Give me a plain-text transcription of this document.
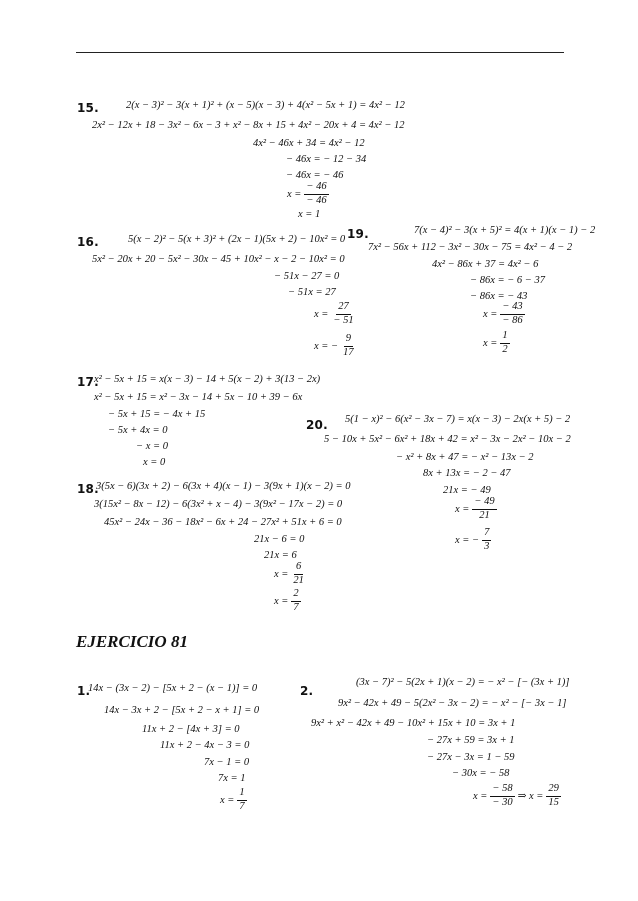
15.	2(x − 3)² − 3(x + 1)² + (x − 5)(x − 3) + 4(x² − 5x + 1) = 4x² − 12
2x² − 12x + 18 − 3x² − 6x − 3 + x² − 8x + 15 + 4x² − 20x + 4 = 4x² − 12
4x² − 46x + 34 = 4x² − 12
− 46x = − 12 − 34
− 46x = − 46
$x = \frac{- 46}{- 46}$
x = 1
16.	5(x − 2)² − 5(x + 3)² + (2x − 1)(5x + 2) − 10x² = 0
5x² − 20x + 20 − 5x² − 30x − 45 + 10x² − x − 2 − 10x² = 0
− 51x − 27 = 0
− 51x = 27
$x = \frac{27}{- 51}$
x = − $\frac{9}{17}$
19.	7(x − 4)² − 3(x + 5)² = 4(x + 1)(x − 1) − 2
7x² − 56x + 112 − 3x² − 30x − 75 = 4x² − 4 − 2
4x² − 86x + 37 = 4x² − 6
− 86x = − 6 − 37
− 86x = − 43
$x = \frac{- 43}{- 86}$
$x = \frac{1}{2}$
17.
x² − 5x + 15 = x(x − 3) − 14 + 5(x − 2) + 3(13 − 2x)
x² − 5x + 15 = x² − 3x − 14 + 5x − 10 + 39 − 6x
− 5x + 15 = − 4x + 15
− 5x + 4x = 0
− x = 0
x = 0
20. 5(1 − x)² − 6(x² − 3x − 7) = x(x − 3) − 2x(x + 5) − 2
5 − 10x + 5x² − 6x² + 18x + 42 = x² − 3x − 2x² − 10x − 2
− x² + 8x + 47 = − x² − 13x − 2
8x + 13x = − 2 − 47
21x = − 49
$x = \frac{- 49}{21}$
x = − $\frac{7}{3}$
18.
3(5x − 6)(3x + 2) − 6(3x + 4)(x − 1) − 3(9x + 1)(x − 2) = 0
3(15x² − 8x − 12) − 6(3x² + x − 4) − 3(9x² − 17x − 2) = 0
45x² − 24x − 36 − 18x² − 6x + 24 − 27x² + 51x + 6 = 0
21x − 6 = 0
21x = 6
$x = \frac{6}{21}$
$x = \frac{2}{7}$
EJERCICIO 81
1.
14x − (3x − 2) − [5x + 2 − (x − 1)] = 0
14x − 3x + 2 − [5x + 2 − x + 1] = 0
11x + 2 − [4x + 3] = 0
11x + 2 − 4x − 3 = 0
7x − 1 = 0
7x = 1
$x = \frac{1}{7}$
2.
(3x − 7)² − 5(2x + 1)(x − 2) = − x² − [− (3x + 1)]
9x² − 42x + 49 − 5(2x² − 3x − 2) = − x² − [− 3x − 1]
9x² + x² − 42x + 49 − 10x² + 15x + 10 = 3x + 1
− 27x + 59 = 3x + 1
− 27x − 3x = 1 − 59
− 30x = − 58
$x = \frac{- 58}{- 30}$ ⇒ $x = \frac{29}{15}$
